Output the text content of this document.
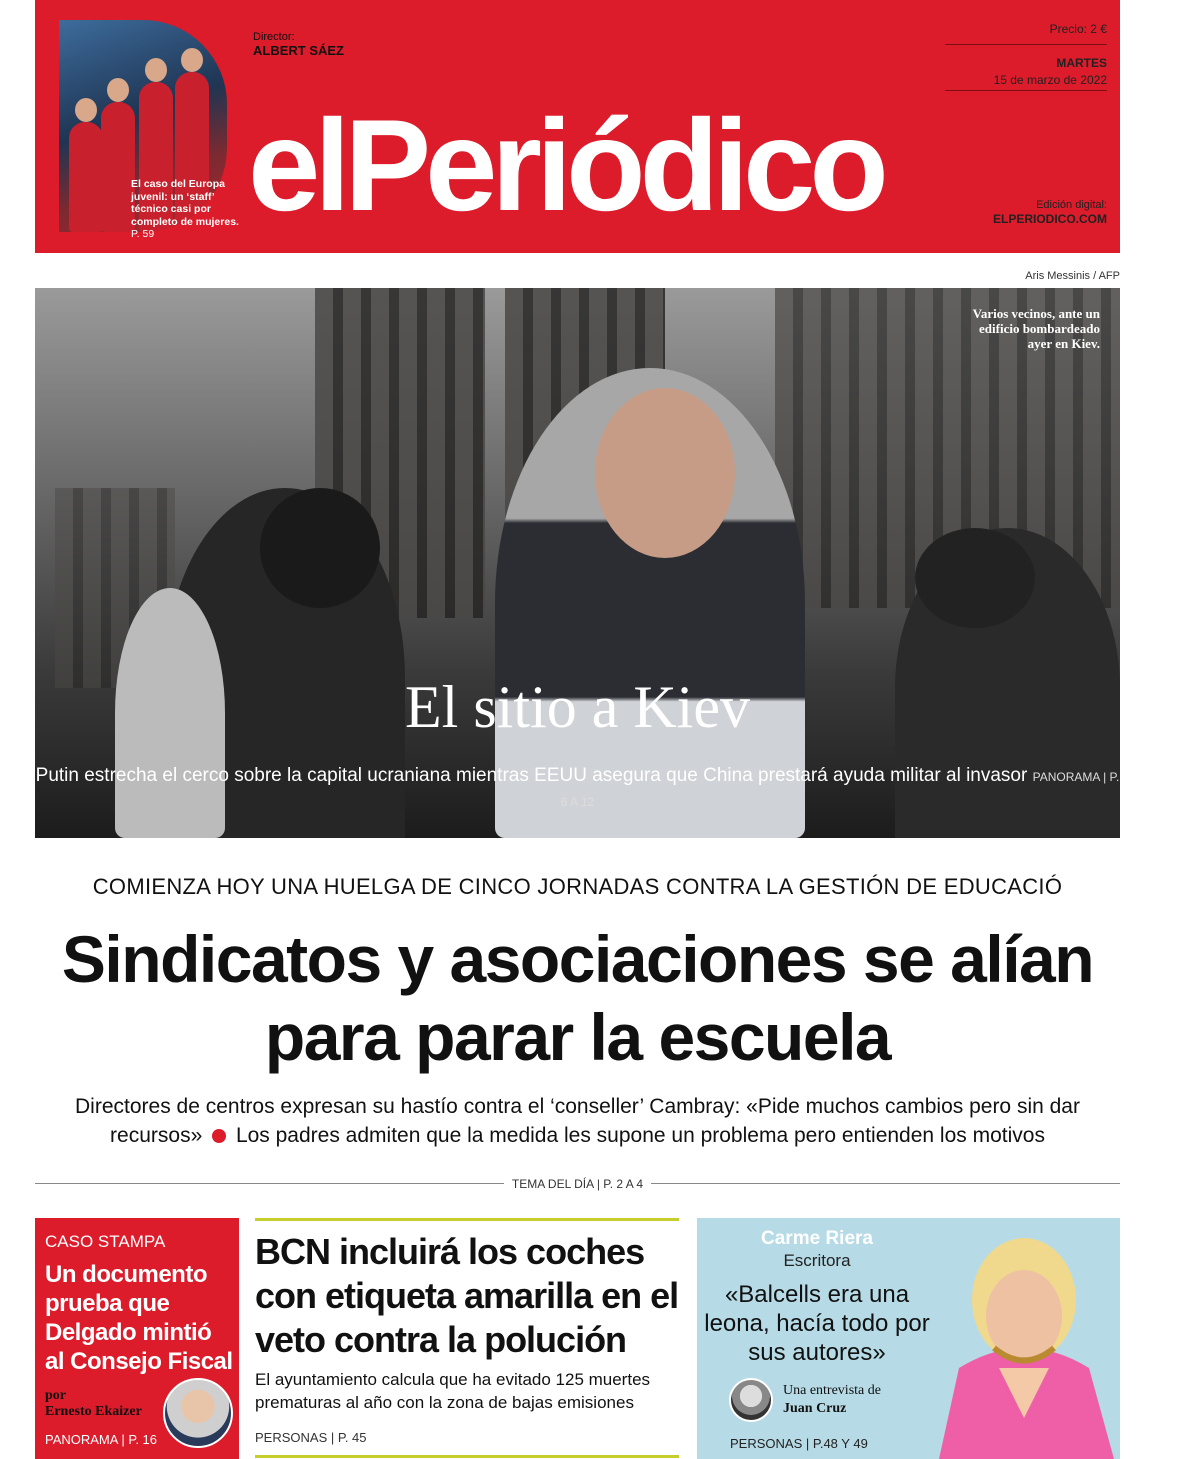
El caso del Europa juvenil: un ‘staff’ técnico casi por completo de mujeres. P. 59
Director:
ALBERT SÁEZ
elPeriódico
Precio: 2 €
MARTES
15 de marzo de 2022
Edición digital:
ELPERIODICO.COM
Aris Messinis / AFP
Varios vecinos, ante un edificio bombardeado ayer en Kiev.
El sitio a Kiev
Putin estrecha el cerco sobre la capital ucraniana mientras EEUU asegura que China prestará ayuda militar al invasor PANORAMA | P. 6 A 12
COMIENZA HOY UNA HUELGA DE CINCO JORNADAS CONTRA LA GESTIÓN DE EDUCACIÓ
Sindicatos y asociaciones se alían para parar la escuela
Directores de centros expresan su hastío contra el ‘conseller’ Cambray: «Pide muchos cambios pero sin dar recursos» Los padres admiten que la medida les supone un problema pero entienden los motivos
TEMA DEL DÍA | P. 2 A 4
CASO STAMPA
Un documento prueba que Delgado mintió al Consejo Fiscal
por
Ernesto Ekaizer
PANORAMA | P. 16
BCN incluirá los coches con etiqueta amarilla en el veto contra la polución
El ayuntamiento calcula que ha evitado 125 muertes prematuras al año con la zona de bajas emisiones
PERSONAS | P. 45
Carme Riera
Escritora
«Balcells era una leona, hacía todo por sus autores»
Una entrevista de
Juan Cruz
PERSONAS | P.48 Y 49
